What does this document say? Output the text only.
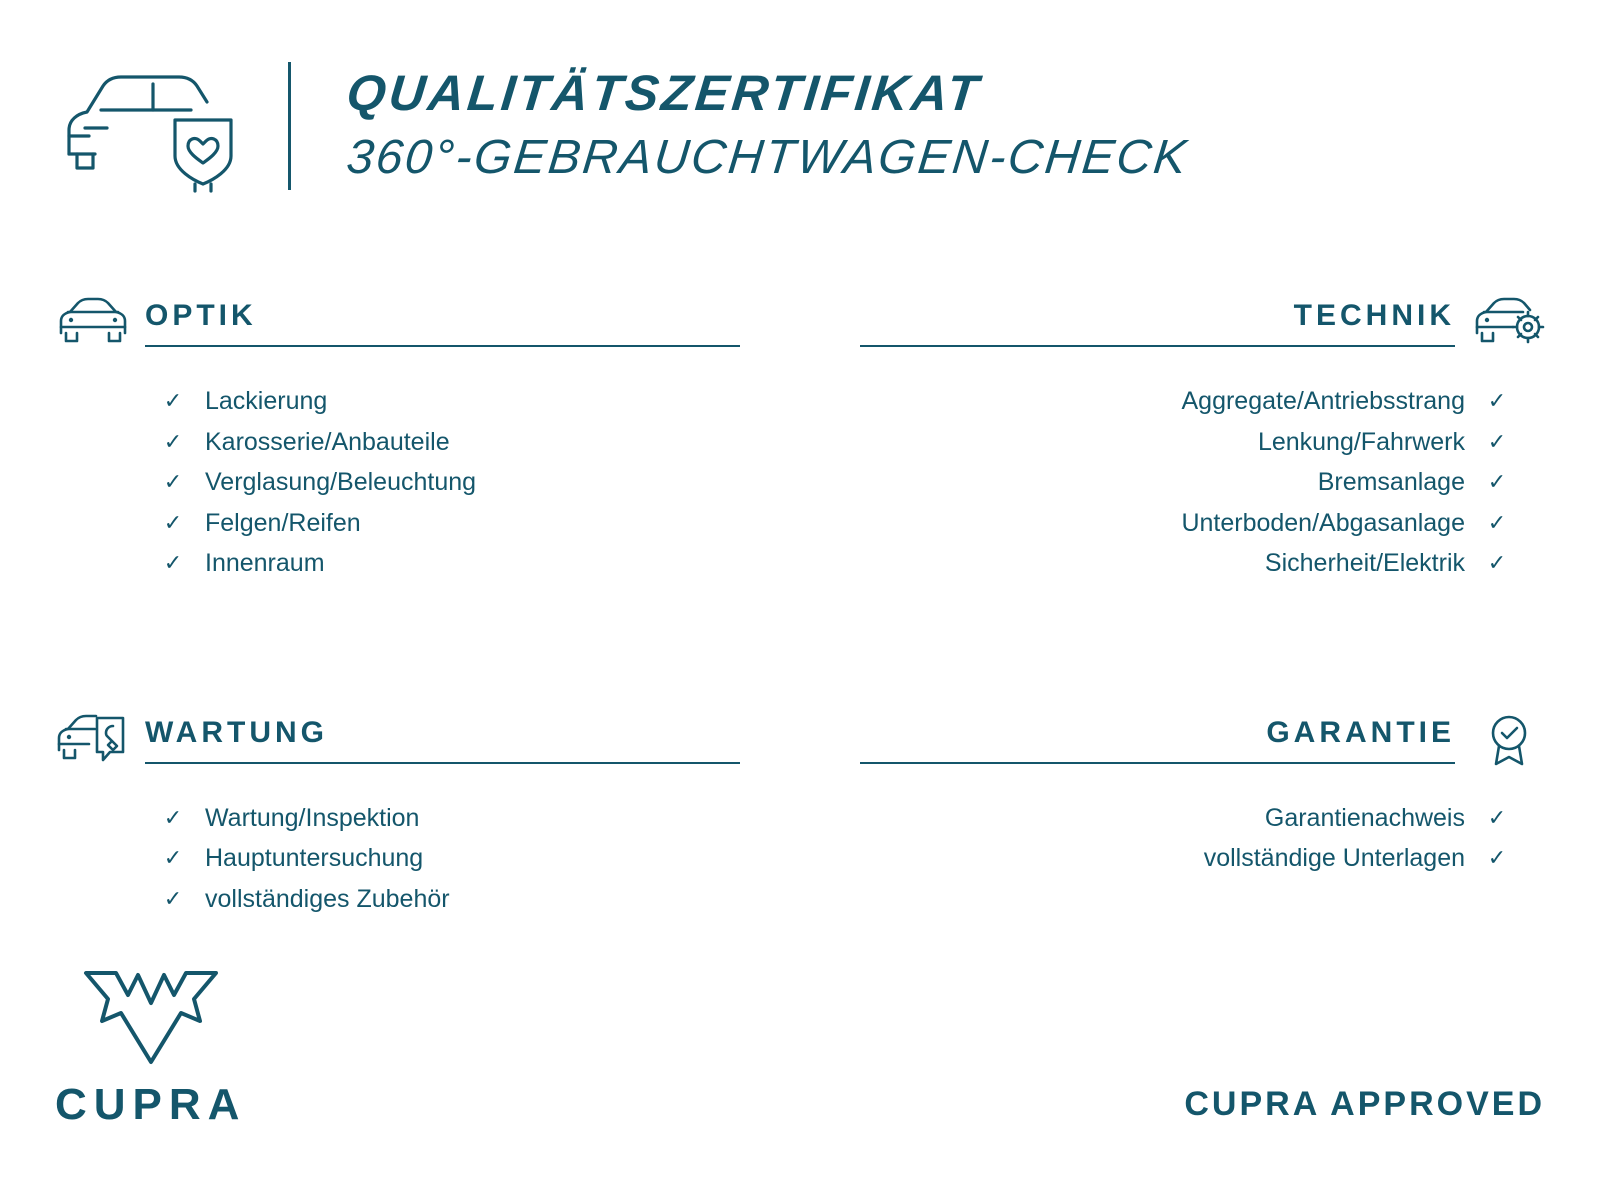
QUALITÄTSZERTIFIKAT
360°-GEBRAUCHTWAGEN-CHECK
OPTIK
✓ Lackierung
✓ Karosserie/Anbauteile
✓ Verglasung/Beleuchtung
✓ Felgen/Reifen
✓ Innenraum
TECHNIK
✓
Aggregate/Antriebsstrang
✓
Lenkung/Fahrwerk
✓
Bremsanlage
✓
Unterboden/Abgasanlage
✓
Sicherheit/Elektrik
WARTUNG
✓ Wartung/Inspektion
✓ Hauptuntersuchung
✓ vollständiges Zubehör
GARANTIE
✓
Garantienachweis
✓
vollständige Unterlagen
CUPRA	CUPRA APPROVED
